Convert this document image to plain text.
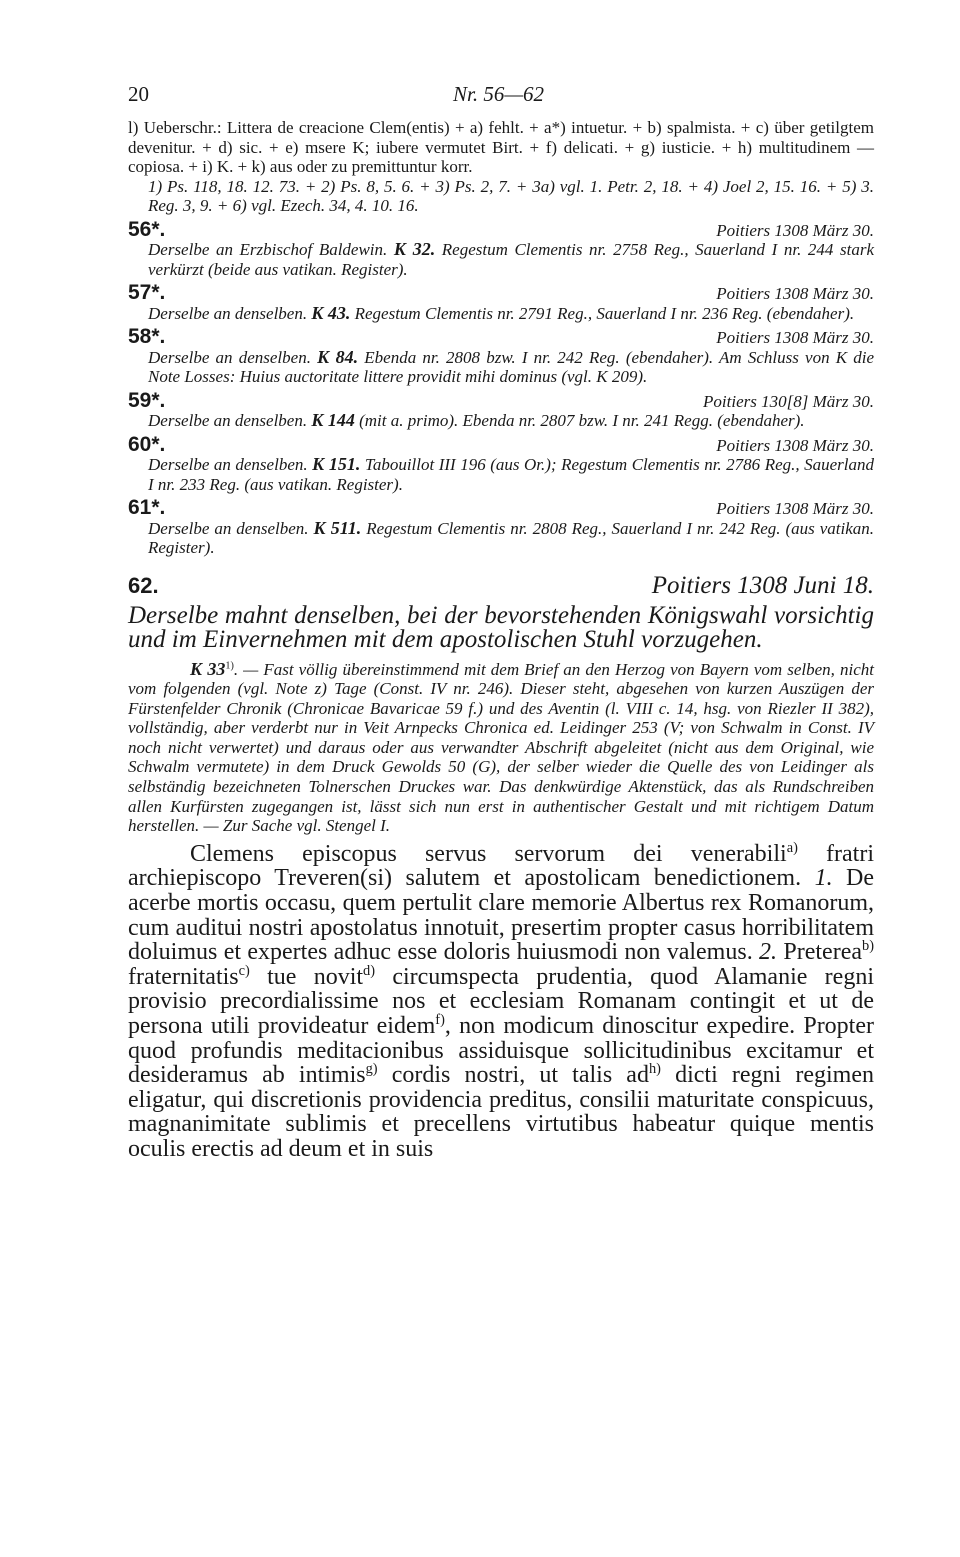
20	Nr. 56—62

l) Ueberschr.: Littera de creacione Clem(entis) + a) fehlt. + a*) intuetur. + b) spalmista. + c) über getilgtem devenitur. + d) sic. + e) msere K; iubere vermutet Birt. + f) delicati. + g) iusticie. + h) multitudinem — copiosa. + i) K. + k) aus oder zu premittuntur korr.

1) Ps. 118, 18. 12. 73. + 2) Ps. 8, 5. 6. + 3) Ps. 2, 7. + 3a) vgl. 1. Petr. 2, 18. + 4) Joel 2, 15. 16. + 5) 3. Reg. 3, 9. + 6) vgl. Ezech. 34, 4. 10. 16.

56*.	Poitiers 1308 März 30.

Derselbe an Erzbischof Baldewin. K 32. Regestum Clementis nr. 2758 Reg., Sauerland I nr. 244 stark verkürzt (beide aus vatikan. Register).

57*.	Poitiers 1308 März 30.

Derselbe an denselben. K 43. Regestum Clementis nr. 2791 Reg., Sauerland I nr. 236 Reg. (ebendaher).

58*.	Poitiers 1308 März 30.

Derselbe an denselben. K 84. Ebenda nr. 2808 bzw. I nr. 242 Reg. (ebendaher). Am Schluss von K die Note Losses: Huius auctoritate littere providit mihi dominus (vgl. K 209).

59*.	Poitiers 130[8] März 30.

Derselbe an denselben. K 144 (mit a. primo). Ebenda nr. 2807 bzw. I nr. 241 Regg. (ebendaher).

60*.	Poitiers 1308 März 30.

Derselbe an denselben. K 151. Tabouillot III 196 (aus Or.); Regestum Clementis nr. 2786 Reg., Sauerland I nr. 233 Reg. (aus vatikan. Register).

61*.	Poitiers 1308 März 30.

Derselbe an denselben. K 511. Regestum Clementis nr. 2808 Reg., Sauerland I nr. 242 Reg. (aus vatikan. Register).

62.	Poitiers 1308 Juni 18.
Derselbe mahnt denselben, bei der bevorstehenden Königswahl vorsichtig und im Einvernehmen mit dem apostolischen Stuhl vorzugehen.
K 33$^{1)}$. — Fast völlig übereinstimmend mit dem Brief an den Herzog von Bayern vom selben, nicht vom folgenden (vgl. Note z) Tage (Const. IV nr. 246). Dieser steht, abgesehen von kurzen Auszügen der Fürstenfelder Chronik (Chronicae Bavaricae 59 f.) und des Aventin (l. VIII c. 14, hsg. von Riezler II 382), vollständig, aber verderbt nur in Veit Arnpecks Chronica ed. Leidinger 253 (V; von Schwalm in Const. IV noch nicht verwertet) und daraus oder aus verwandter Abschrift abgeleitet (nicht aus dem Original, wie Schwalm vermutete) in dem Druck Gewolds 50 (G), der selber wieder die Quelle des von Leidinger als selbständig bezeichneten Tolnerschen Druckes war. Das denkwürdige Aktenstück, das als Rundschreiben allen Kurfürsten zugegangen ist, lässt sich nun erst in authentischer Gestalt und mit richtigem Datum herstellen. — Zur Sache vgl. Stengel I.

Clemens episcopus servus servorum dei venerabili$^{a)}$ fratri archiepiscopo Treveren(si) salutem et apostolicam benedictionem. 1. De acerbe mortis occasu, quem pertulit clare memorie Albertus rex Romanorum, cum auditui nostri apostolatus innotuit, presertim propter casus horribilitatem doluimus et expertes adhuc esse doloris huiusmodi non valemus. 2. Preterea$^{b)}$ fraternitatis$^{c)}$ tue novit$^{d)}$ circumspecta prudentia, quod Alamanie regni provisio precordialissime nos et ecclesiam Romanam contingit et ut de persona utili provideatur eidem$^{f)}$, non modicum dinoscitur expedire. Propter quod profundis meditacionibus assiduisque sollicitudinibus excitamur et desideramus ab intimis$^{g)}$ cordis nostri, ut talis $ad^{h)}$ dicti regni regimen eligatur, qui discretionis providencia preditus, consilii maturitate conspicuus, magnanimitate sublimis et precellens virtutibus habeatur quique mentis oculis erectis ad deum et in suis
